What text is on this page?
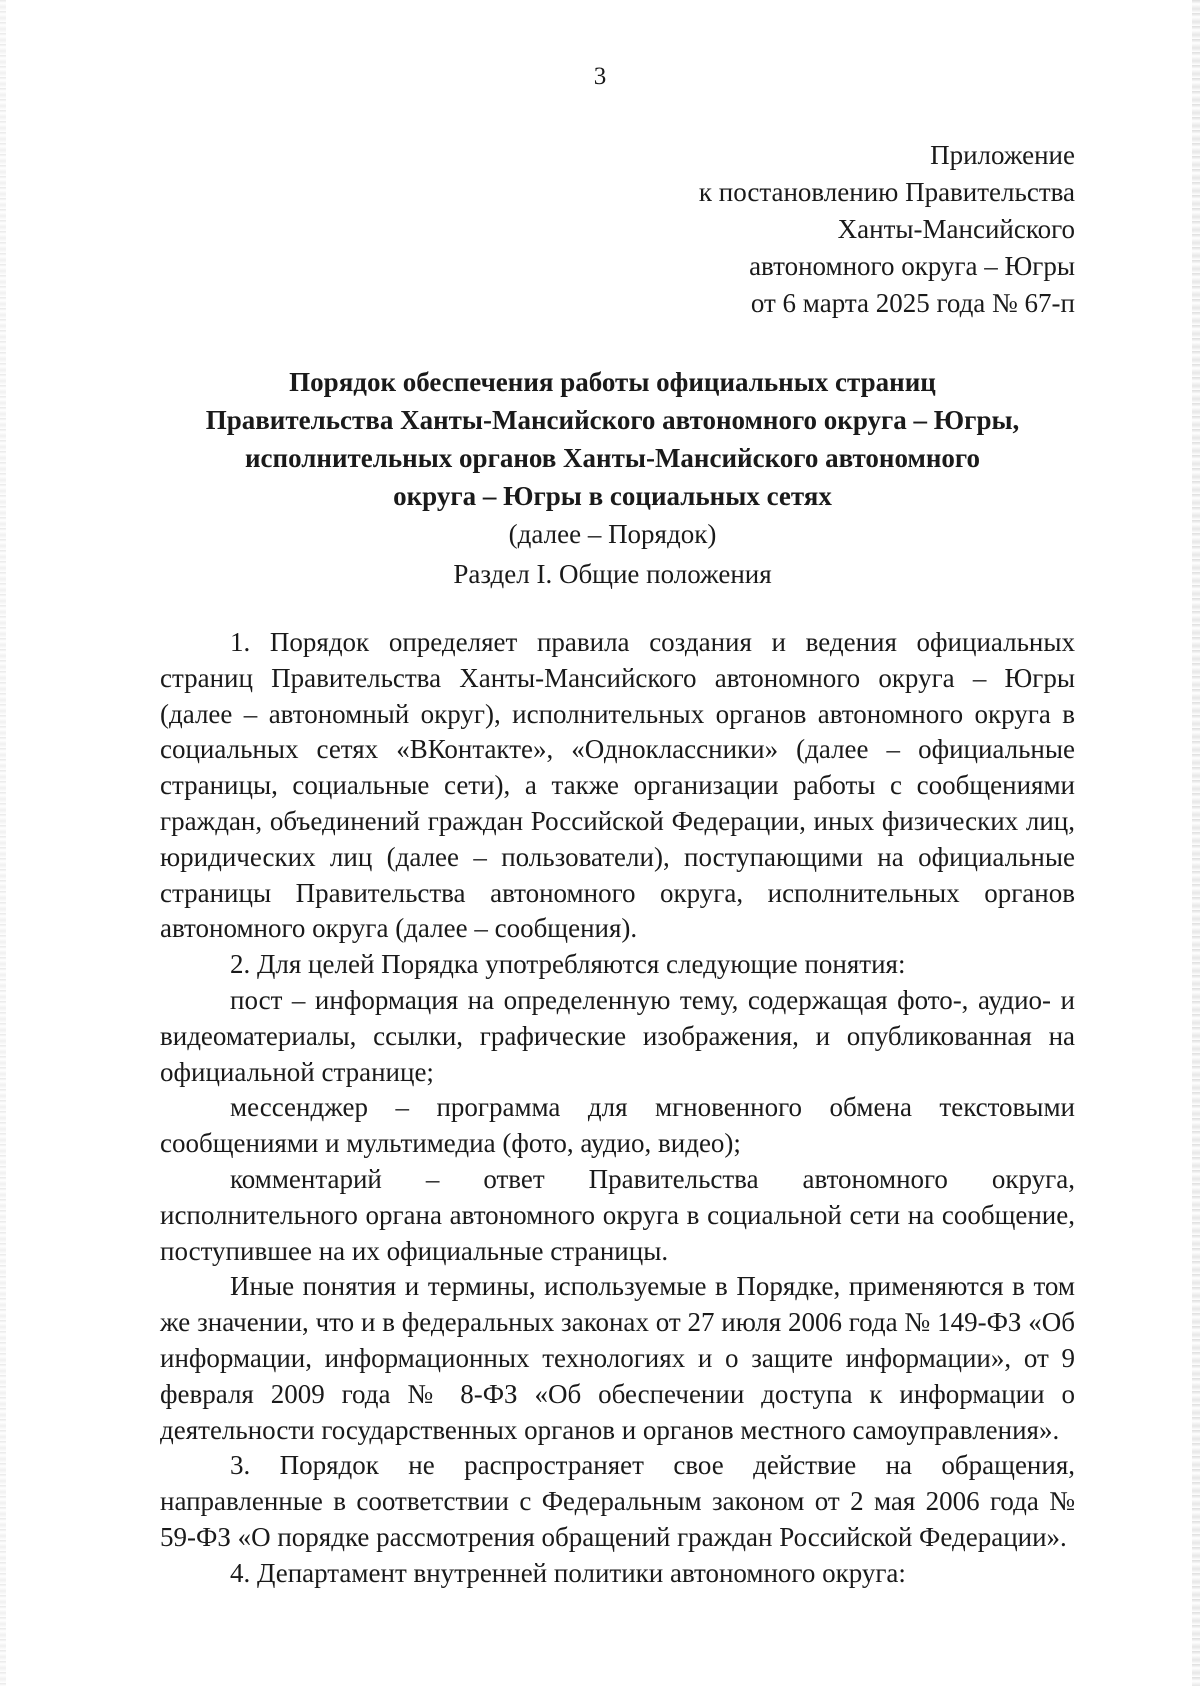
3
Приложение
к постановлению Правительства
Ханты-Мансийского
автономного округа – Югры
от 6 марта 2025 года № 67-п
Порядок обеспечения работы официальных страниц
Правительства Ханты-Мансийского автономного округа – Югры,
исполнительных органов Ханты-Мансийского автономного
округа – Югры в социальных сетях
(далее – Порядок)
Раздел I. Общие положения

1. Порядок определяет правила создания и ведения официальных страниц Правительства Ханты-Мансийского автономного округа – Югры (далее – автономный округ), исполнительных органов автономного округа в социальных сетях «ВКонтакте», «Одноклассники» (далее – официальные страницы, социальные сети), а также организации работы с сообщениями граждан, объединений граждан Российской Федерации, иных физических лиц, юридических лиц (далее – пользователи), поступающими на официальные страницы Правительства автономного округа, исполнительных органов автономного округа (далее – сообщения).

2. Для целей Порядка употребляются следующие понятия:

пост – информация на определенную тему, содержащая фото-, аудио- и видеоматериалы, ссылки, графические изображения, и опубликованная на официальной странице;

мессенджер – программа для мгновенного обмена текстовыми сообщениями и мультимедиа (фото, аудио, видео);

комментарий – ответ Правительства автономного округа, исполнительного органа автономного округа в социальной сети на сообщение, поступившее на их официальные страницы.

Иные понятия и термины, используемые в Порядке, применяются в том же значении, что и в федеральных законах от 27 июля 2006 года № 149-ФЗ «Об информации, информационных технологиях и о защите информации», от 9 февраля 2009 года № 8-ФЗ «Об обеспечении доступа к информации о деятельности государственных органов и органов местного самоуправления».

3. Порядок не распространяет свое действие на обращения, направленные в соответствии с Федеральным законом от 2 мая 2006 года № 59-ФЗ «О порядке рассмотрения обращений граждан Российской Федерации».

4. Департамент внутренней политики автономного округа:
